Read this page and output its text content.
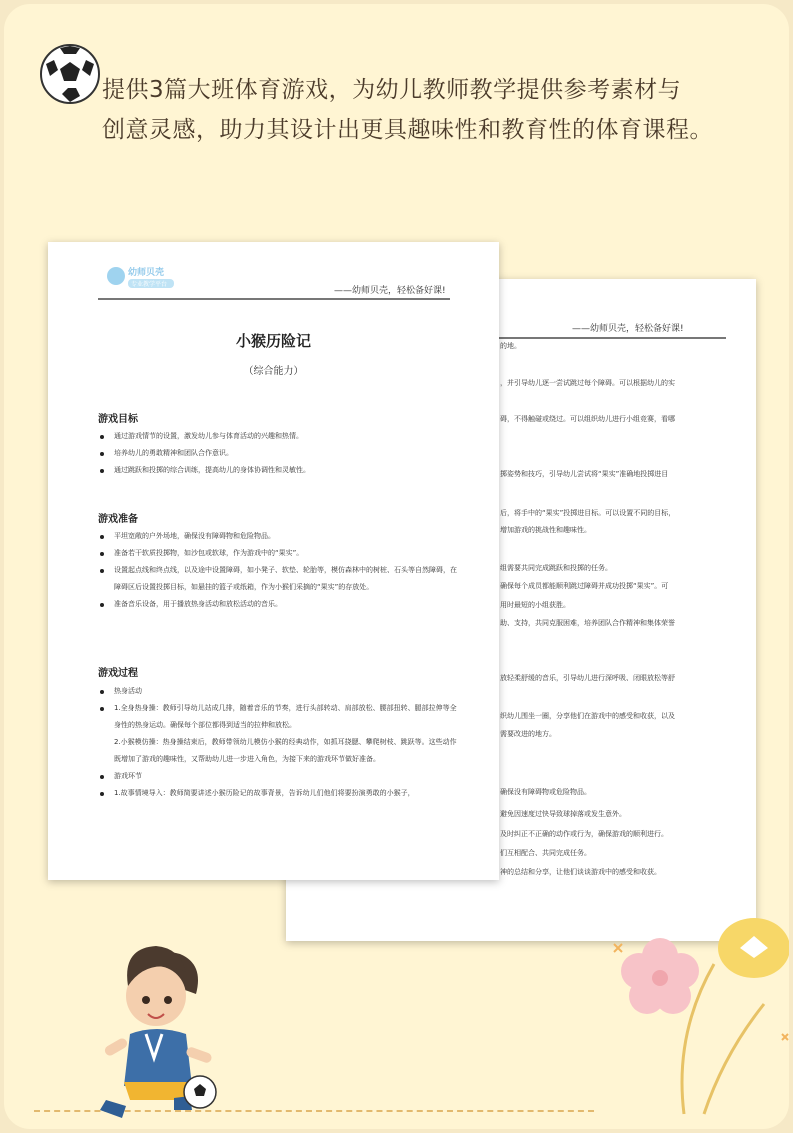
提供3篇大班体育游戏，为幼儿教师教学提供参考素材与

创意灵感，助力其设计出更具趣味性和教育性的体育课程。
——幼师贝壳，轻松备好课!
的地。
，并引导幼儿逐一尝试跳过每个障碍。可以根据幼儿的实
碍，不得触碰或绕过。可以组织幼儿进行小组竞赛，看哪
掷姿势和技巧，引导幼儿尝试将“果实”准确地投掷进目
后，将手中的“果实”投掷进目标。可以设置不同的目标，
增加游戏的挑战性和趣味性。
组需要共同完成跳跃和投掷的任务。
确保每个成员都能顺利跳过障碍并成功投掷“果实”。可
用时最短的小组获胜。
助、支持，共同克服困难，培养团队合作精神和集体荣誉
放轻柔舒缓的音乐，引导幼儿进行深呼吸、闭眼放松等舒
织幼儿围坐一圈，分享他们在游戏中的感受和收获，以及
需要改进的地方。
确保没有障碍物或危险物品。
避免因速度过快导致球掉落或发生意外。
及时纠正不正确的动作或行为，确保游戏的顺利进行。
们互相配合、共同完成任务。
神的总结和分享，让他们谈谈游戏中的感受和收获。
幼师贝壳
专业教学平台
——幼师贝壳，轻松备好课!
小猴历险记
（综合能力）
游戏目标
通过游戏情节的设置，激发幼儿参与体育活动的兴趣和热情。
培养幼儿的勇敢精神和团队合作意识。
通过跳跃和投掷的综合训练，提高幼儿的身体协调性和灵敏性。
游戏准备
平坦宽敞的户外场地，确保没有障碍物和危险物品。
准备若干软质投掷物，如沙包或软球，作为游戏中的“果实”。
设置起点线和终点线，以及途中设置障碍，如小凳子、软垫、轮胎等，模仿森林中的树桩、石头等自然障碍，在障碍区后设置投掷目标，如悬挂的篮子或纸箱，作为小猴们采摘的“果实”的存放处。
准备音乐设备，用于播放热身活动和放松活动的音乐。
游戏过程
热身活动
1.全身热身操：教师引导幼儿站成几排，随着音乐的节奏，进行头部转动、肩部放松、腰部扭转、腿部拉伸等全身性的热身运动。确保每个部位都得到适当的拉伸和放松。
2.小猴模仿操：热身操结束后，教师带领幼儿模仿小猴的经典动作，如抓耳挠腮、攀爬树枝、跳跃等。这些动作既增加了游戏的趣味性，又帮助幼儿进一步进入角色，为接下来的游戏环节做好准备。
游戏环节
1.故事情境导入：教师简要讲述小猴历险记的故事背景，告诉幼儿们他们将要扮演勇敢的小猴子，
